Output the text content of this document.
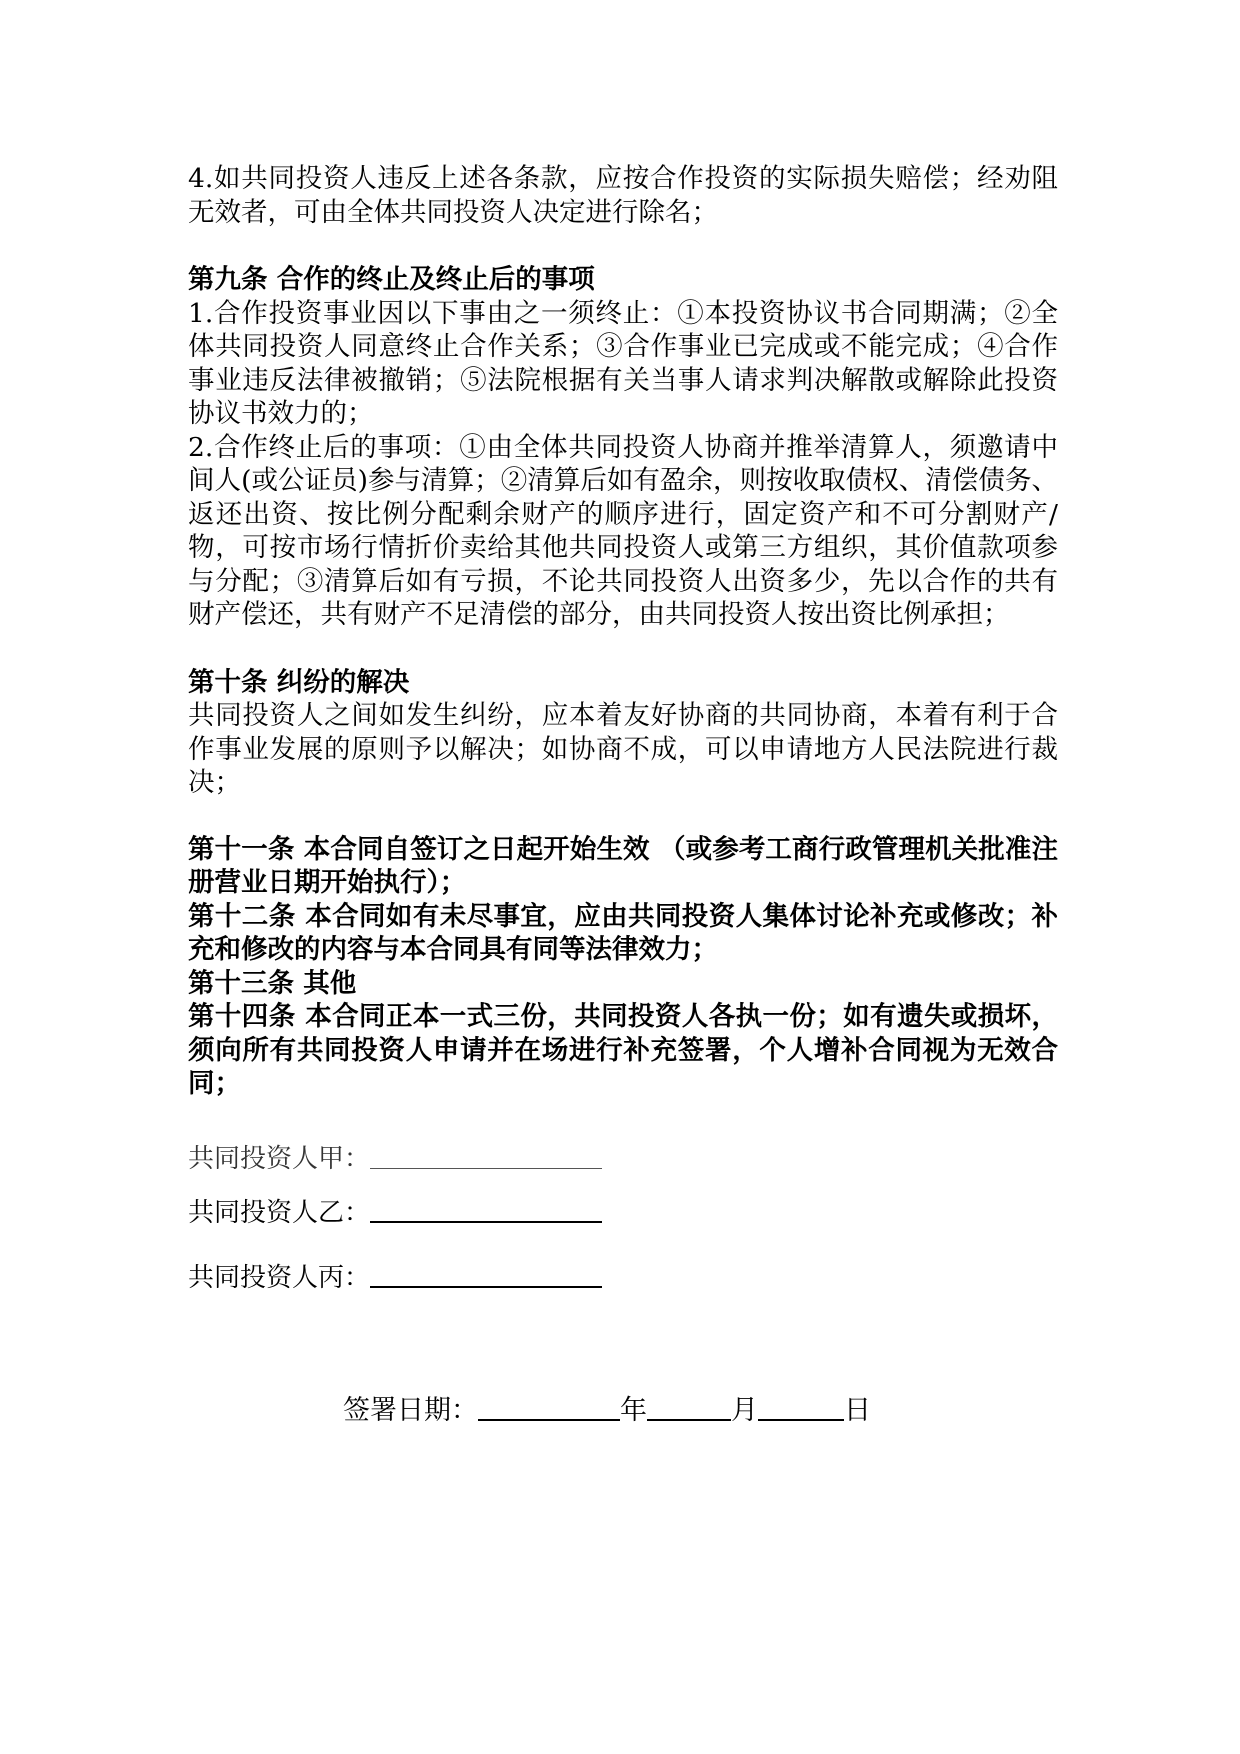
4.如共同投资人违反上述各条款，应按合作投资的实际损失赔偿；经劝阻无效者，可由全体共同投资人决定进行除名；

第九条 合作的终止及终止后的事项

1.合作投资事业因以下事由之一须终止：①本投资协议书合同期满；②全体共同投资人同意终止合作关系；③合作事业已完成或不能完成；④合作事业违反法律被撤销；⑤法院根据有关当事人请求判决解散或解除此投资协议书效力的；

2.合作终止后的事项：①由全体共同投资人协商并推举清算人，须邀请中间人(或公证员)参与清算；②清算后如有盈余，则按收取债权、清偿债务、返还出资、按比例分配剩余财产的顺序进行，固定资产和不可分割财产/物，可按市场行情折价卖给其他共同投资人或第三方组织，其价值款项参与分配；③清算后如有亏损，不论共同投资人出资多少，先以合作的共有财产偿还，共有财产不足清偿的部分，由共同投资人按出资比例承担；

第十条 纠纷的解决

共同投资人之间如发生纠纷，应本着友好协商的共同协商，本着有利于合作事业发展的原则予以解决；如协商不成，可以申请地方人民法院进行裁决；

第十一条 本合同自签订之日起开始生效 （或参考工商行政管理机关批准注册营业日期开始执行）；

第十二条 本合同如有未尽事宜，应由共同投资人集体讨论补充或修改；补充和修改的内容与本合同具有同等法律效力；

第十三条 其他

第十四条 本合同正本一式三份，共同投资人各执一份；如有遗失或损坏，须向所有共同投资人申请并在场进行补充签署，个人增补合同视为无效合同；

共同投资人甲：
共同投资人乙：
共同投资人丙：
签署日期：	年	月	日
